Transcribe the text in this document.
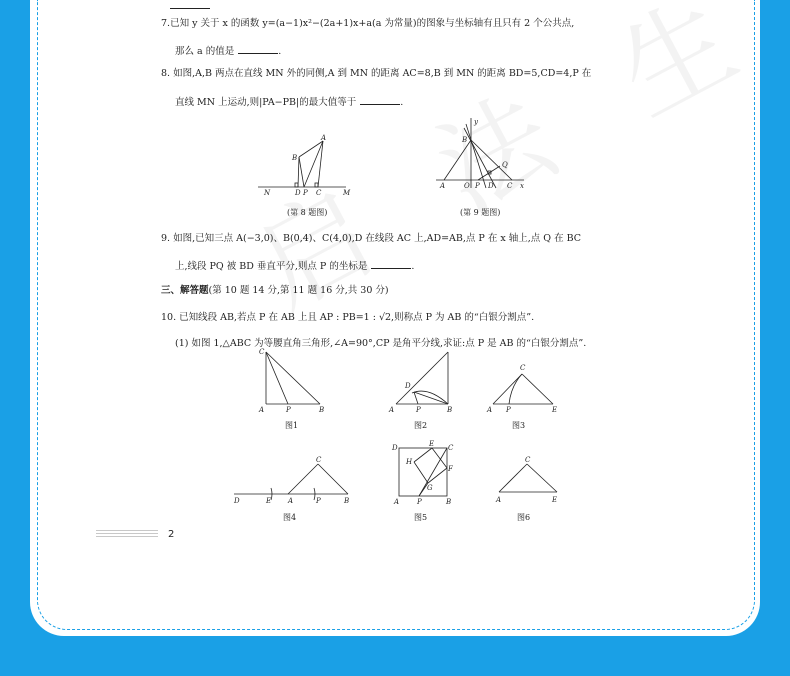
7.已知 y 关于 x 的函数 y=(a−1)x²−(2a+1)x+a(a 为常量)的图象与坐标轴有且只有 2 个公共点,
那么 a 的值是	.
8. 如图,A,B 两点在直线 MN 外的同侧,A 到 MN 的距离 AC=8,B 到 MN 的距离 BD=5,CD=4,P 在
直线 MN 上运动,则|PA−PB|的最大值等于	.
A
B
N	D P C	M
(第 8 题图)
y
B
A	O P D C
Q
x
(第 9 题图)
9. 如图,已知三点 A(−3,0)、B(0,4)、C(4,0),D 在线段 AC 上,AD=AB,点 P 在 x 轴上,点 Q 在 BC
上,线段 PQ 被 BD 垂直平分,则点 P 的坐标是	.
三、解答题(第 10 题 14 分,第 11 题 16 分,共 30 分)
10. 已知线段 AB,若点 P 在 AB 上且 AP : PB=1 : √2,则称点 P 为 AB 的“白银分割点”.
(1) 如图 1,△ABC 为等腰直角三角形,∠A=90°,CP 是角平分线,求证:点 P 是 AB 的“白银分割点”.
C
A	P	B
图1
D
A	P	B
图2
C
A P	E
图3
C
D	E A	P	B
图4
D	E C
H
F
G
A	P	B
图5
C
A	E
图6
2
